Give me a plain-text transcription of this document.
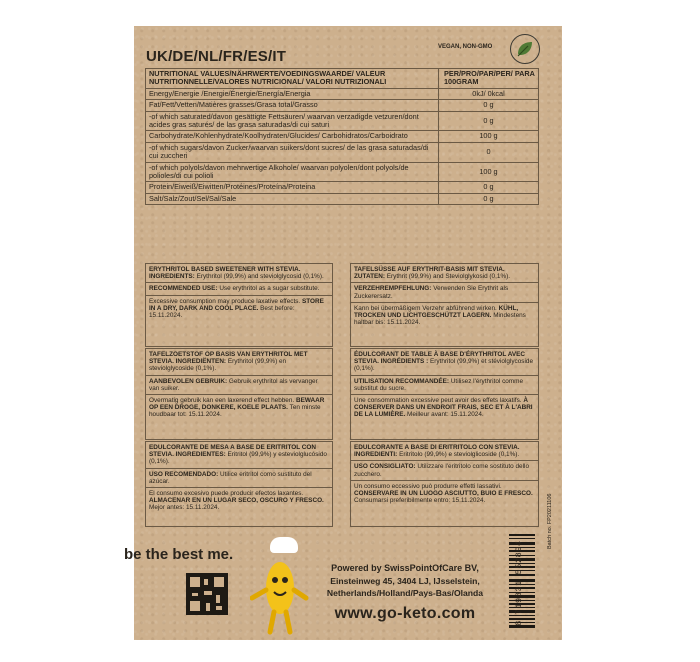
UK/DE/NL/FR/ES/IT
VEGAN, NON-GMO
NUTRITIONAL VALUES/NÄHRWERTE/VOEDINGSWAARDE/ VALEUR NUTRITIONNELLE/VALORES NUTRICIONAL/ VALORI NUTRIZIONALI	PER/PRO/PAR/PER/ PARA 100GRAM
Energy/Energie /Energie/Énergie/Energía/Energia	0kJ/ 0kcal
Fat/Fett/Vetten/Matières grasses/Grasa total/Grasso	0 g
-of which saturated/davon gesättigte Fettsäuren/ waarvan verzadigde vetzuren/dont acides gras saturés/ de las grasa saturadas/di cui saturi	0 g
Carbohydrate/Kohlenhydrate/Koolhydraten/Glucides/ Carbohidratos/Carboidrato	100 g
-of which sugars/davon Zucker/waarvan suikers/dont sucres/ de las grasa saturadas/di cui zuccheri	0
-of which polyols/davon mehrwertige Alkohole/ waarvan polyolen/dont polyols/de polioles/di cui polioli	100 g
Protein/Eiweiß/Eiwitten/Protéines/Proteína/Proteina	0 g
Salt/Salz/Zout/Sel/Sal/Sale	0 g
ERYTHRITOL BASED SWEETENER WITH STEVIA. INGREDIENTS: Erythritol (99,9%) and steviolglycosid (0,1%).
RECOMMENDED USE: Use erythritol as a sugar substitute.
Excessive consumption may produce laxative effects. STORE IN A DRY, DARK AND COOL PLACE. Best before: 15.11.2024.
TAFELSÜSSE AUF ERYTHRIT-BASIS MIT STEVIA. ZUTATEN: Erythrit (99,9%) and Steviolglykosid (0,1%).
VERZEHREMPFEHLUNG: Verwenden Sie Erythrit als Zuckerersatz.
Kann bei übermäßigem Verzehr abführend wirken. KÜHL, TROCKEN UND LICHTGESCHÜTZT LAGERN. Mindestens haltbar bis: 15.11.2024.
TAFELZOETSTOF OP BASIS VAN ERYTHRITOL MET STEVIA. INGREDIËNTEN: Erythritol (99,9%) en steviolglycoside (0,1%).
AANBEVOLEN GEBRUIK: Gebruik erythritol als vervanger van suiker.
Overmatig gebruik kan een laxerend effect hebben. BEWAAR OP EEN DROGE, DONKERE, KOELE PLAATS. Ten minste houdbaar tot: 15.11.2024.
ÉDULCORANT DE TABLE À BASE D'ÉRYTHRITOL AVEC STEVIA. INGRÉDIENTS : Erythritol (99,9%) et stéviolglycoside (0,1%).
UTILISATION RECOMMANDÉE: Utilisez l'érythritol comme substitut du sucre.
Une consommation excessive peut avoir des effets laxatifs. À CONSERVER DANS UN ENDROIT FRAIS, SEC ET À L'ABRI DE LA LUMIÈRE. Meilleur avant: 15.11.2024.
EDULCORANTE DE MESA A BASE DE ERITRITOL CON STEVIA. INGREDIENTES: Eritritol (99,9%) y esteviolglucósido (0,1%).
USO RECOMENDADO: Utilice eritritol como sustituto del azúcar.
El consumo excesivo puede producir efectos laxantes. ALMACENAR EN UN LUGAR SECO, OSCURO Y FRESCO. Mejor antes: 15.11.2024.
EDULCORANTE A BASE DI ERITRITOLO CON STEVIA. INGREDIENTI: Eritritolo (99,9%) e steviolglicoside (0,1%).
USO CONSIGLIATO: Utilizzare l'eritritolo come sostituto dello zucchero.
Un consumo eccessivo può produrre effetti lassativi. CONSERVARE IN UN LUOGO ASCIUTTO, BUIO E FRESCO. Consumarsi preferibilmente entro: 15.11.2024.	Batch no. FP20211106
be the best me.
Powered by SwissPointOfCare BV,
Einsteinweg 45, 3404 LJ, IJsselstein,
Netherlands/Holland/Pays-Bas/Olanda
www.go-keto.com	8 719831 552894
